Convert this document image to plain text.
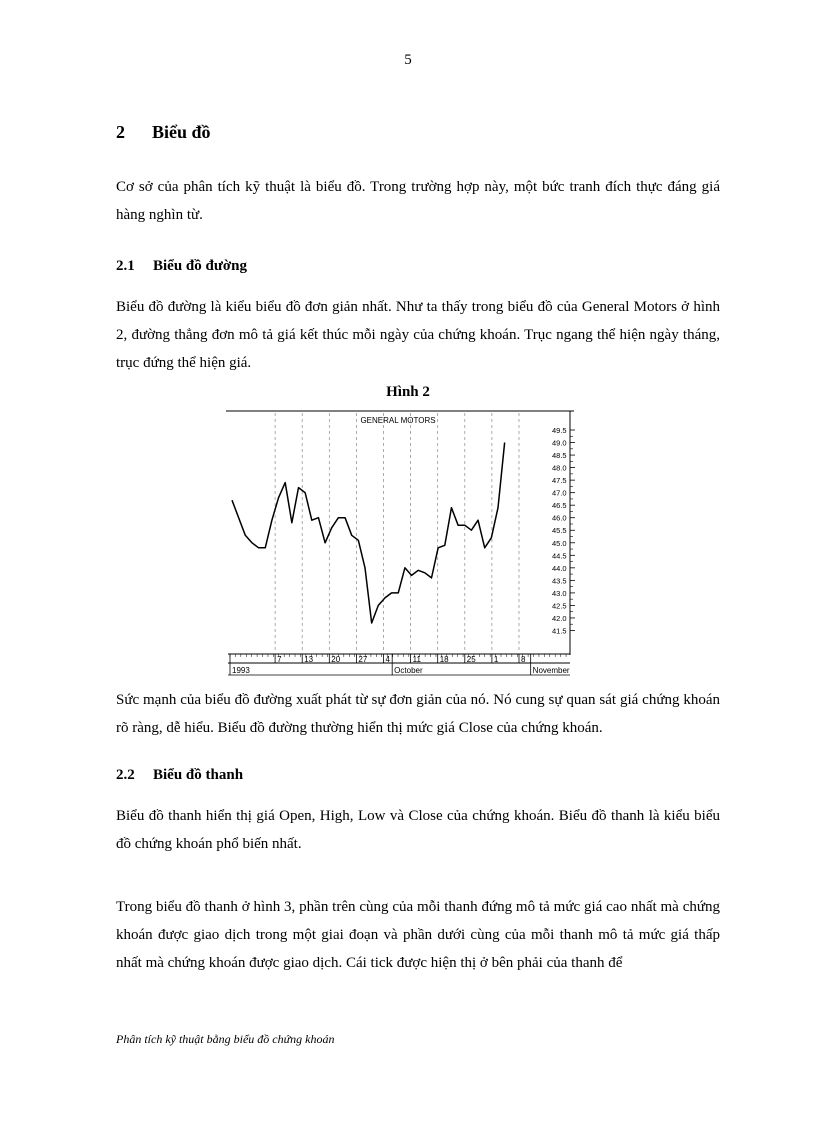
5
2 Biểu đồ

Cơ sở của phân tích kỹ thuật là biểu đồ. Trong trường hợp này, một bức tranh đích thực đáng giá hàng nghìn từ.

2.1 Biểu đồ đường

Biểu đồ đường là kiểu biểu đồ đơn giản nhất. Như ta thấy trong biểu đồ của General Motors ở hình 2, đường thẳng đơn mô tả giá kết thúc mỗi ngày của chứng khoán. Trục ngang thể hiện ngày tháng, trục đứng thể hiện giá.

Hình 2
GENERAL MOTORS
41.5
42.0
42.5
43.0
43.5
44.0
44.5
45.0
45.5
46.0
46.5
47.0
47.5
48.0
48.5
49.0
49.5
7	13 20 27 4	11 18 25 1	8
1993	October	November

Sức mạnh của biểu đồ đường xuất phát từ sự đơn giản của nó. Nó cung sự quan sát giá chứng khoán rõ ràng, dễ hiểu. Biểu đồ đường thường hiển thị mức giá Close của chứng khoán.

2.2 Biểu đồ thanh

Biểu đồ thanh hiển thị giá Open, High, Low và Close của chứng khoán. Biểu đồ thanh là kiểu biểu đồ chứng khoán phổ biến nhất.

Trong biểu đồ thanh ở hình 3, phần trên cùng của mỗi thanh đứng mô tả mức giá cao nhất mà chứng khoán được giao dịch trong một giai đoạn và phần dưới cùng của mỗi thanh mô tả mức giá thấp nhất mà chứng khoán được giao dịch. Cái tick được hiện thị ở bên phải của thanh để

Phân tích kỹ thuật bằng biểu đồ chứng khoán
